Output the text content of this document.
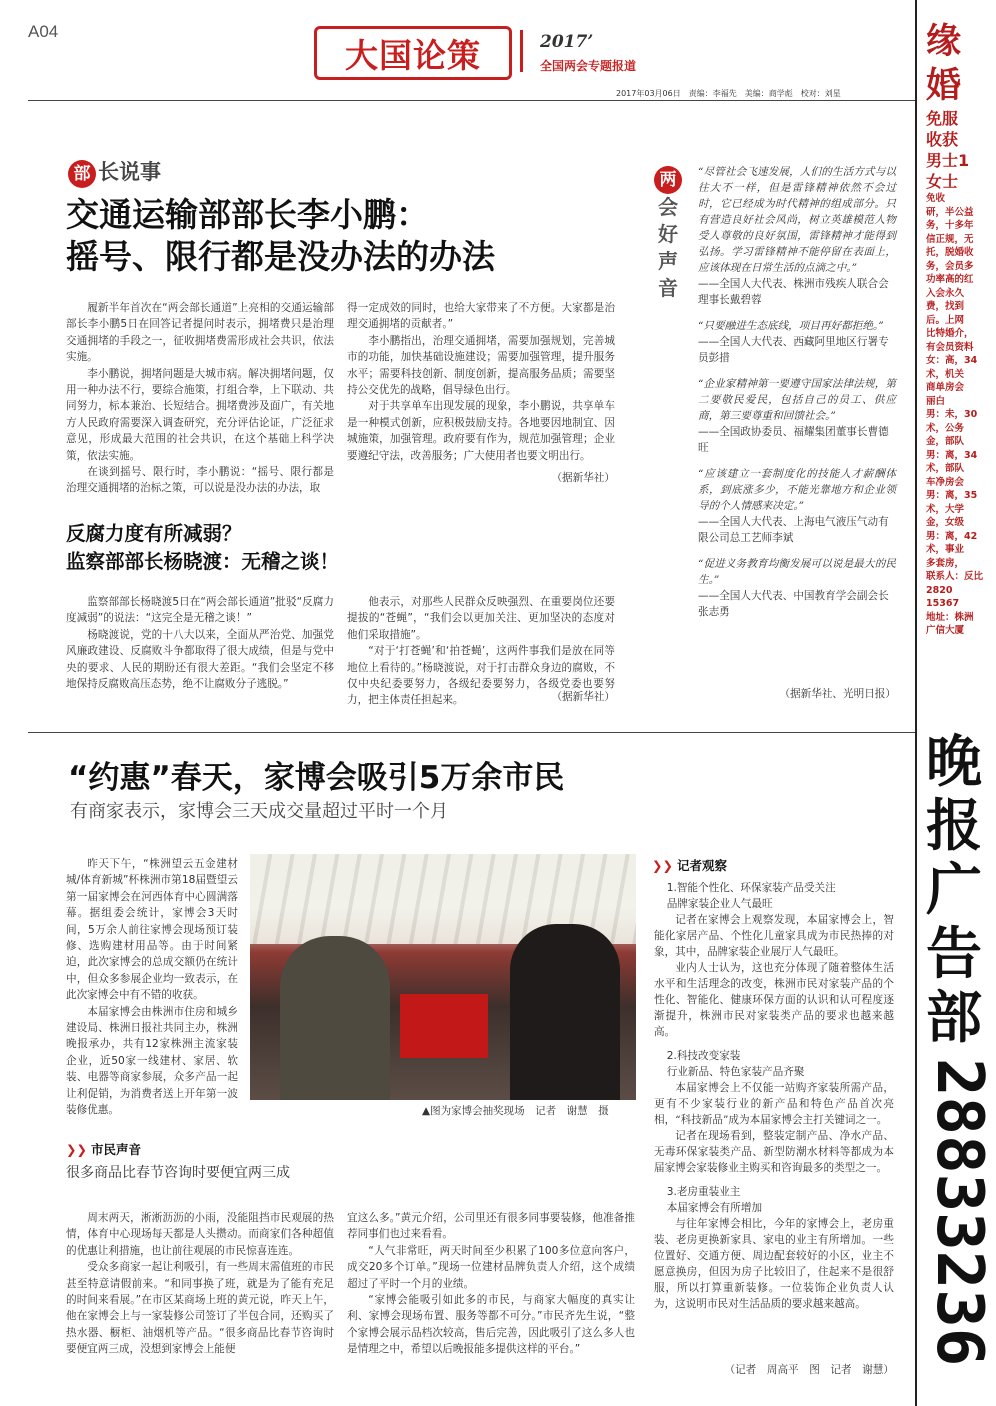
A04
大国论策	2017’
全国两会专题报道
2017年03月06日　责编：李福先　美编：商学彪　校对：刘星
部 长说事
交通运输部部长李小鹏：
摇号、限行都是没办法的办法

履新半年首次在“两会部长通道”上亮相的交通运输部部长李小鹏5日在回答记者提问时表示，拥堵费只是治理交通拥堵的手段之一，征收拥堵费需形成社会共识，依法实施。

李小鹏说，拥堵问题是大城市病。解决拥堵问题，仅用一种办法不行，要综合施策，打组合拳，上下联动、共同努力，标本兼治、长短结合。拥堵费涉及面广，有关地方人民政府需要深入调查研究，充分评估论证，广泛征求意见，形成最大范围的社会共识，在这个基础上科学决策，依法实施。

在谈到摇号、限行时，李小鹏说：“摇号、限行都是治理交通拥堵的治标之策，可以说是没办法的办法，取

得一定成效的同时，也给大家带来了不方便。大家都是治理交通拥堵的贡献者。”

李小鹏指出，治理交通拥堵，需要加强规划，完善城市的功能，加快基础设施建设；需要加强管理，提升服务水平；需要科技创新、制度创新，提高服务品质；需要坚持公交优先的战略，倡导绿色出行。

对于共享单车出现发展的现象，李小鹏说，共享单车是一种模式创新，应积极鼓励支持。各地要因地制宜、因城施策，加强管理。政府要有作为，规范加强管理；企业要遵纪守法，改善服务；广大使用者也要文明出行。

（据新华社）
反腐力度有所减弱？
监察部部长杨晓渡：无稽之谈！

监察部部长杨晓渡5日在“两会部长通道”批驳“反腐力度减弱”的说法：“这完全是无稽之谈！”

杨晓渡说，党的十八大以来，全面从严治党、加强党风廉政建设、反腐败斗争都取得了很大成绩，但是与党中央的要求、人民的期盼还有很大差距。“我们会坚定不移地保持反腐败高压态势，绝不让腐败分子逃脱。”

他表示，对那些人民群众反映强烈、在重要岗位还要提拔的“苍蝇”，“我们会以更加关注、更加坚决的态度对他们采取措施”。

“对于‘打苍蝇’和‘拍苍蝇’，这两件事我们是放在同等地位上看待的。”杨晓渡说，对于打击群众身边的腐败，不仅中央纪委要努力，各级纪委要努力，各级党委也要努力，把主体责任担起来。	（据新华社）
两
会
好
声
音
“尽管社会飞速发展，人们的生活方式与以往大不一样，但是雷锋精神依然不会过时，它已经成为时代精神的组成部分。只有营造良好社会风尚，树立英雄模范人物受人尊敬的良好氛围，雷锋精神才能得到弘扬。学习雷锋精神不能停留在表面上，应该体现在日常生活的点滴之中。”
——全国人大代表、株洲市残疾人联合会理事长戴碧蓉
“只要融进生态底线，项目再好都拒绝。”
——全国人大代表、西藏阿里地区行署专员彭措
“企业家精神第一要遵守国家法律法规，第二要敬民爱民，包括自己的员工、供应商，第三要尊重和回馈社会。”
——全国政协委员、福耀集团董事长曹德旺
“应该建立一套制度化的技能人才薪酬体系，到底涨多少，不能光靠地方和企业领导的个人情感来决定。”
——全国人大代表、上海电气液压气动有限公司总工艺师李斌
“促进义务教育均衡发展可以说是最大的民生。”
——全国人大代表、中国教育学会副会长张志勇
（据新华社、光明日报）
“约惠”春天，家博会吸引5万余市民
有商家表示，家博会三天成交量超过平时一个月

昨天下午，“株洲望云五金建材城/体育新城”杯株洲市第18届暨望云第一届家博会在河西体育中心圆满落幕。据组委会统计，家博会3天时间，5万余人前往家博会现场预订装修、选购建材用品等。由于时间紧迫，此次家博会的总成交额仍在统计中，但众多参展企业均一致表示，在此次家博会中有不错的收获。

本届家博会由株洲市住房和城乡建设局、株洲日报社共同主办，株洲晚报承办，共有12家株洲主流家装企业，近50家一线建材、家居、软装、电器等商家参展，众多产品一起让利促销，为消费者送上开年第一波装修优惠。	▲图为家博会抽奖现场　记者　谢慧　摄
❯❯ 市民声音
很多商品比春节咨询时要便宜两三成

周末两天，淅淅沥沥的小雨，没能阻挡市民观展的热情，体育中心现场每天都是人头攒动。而商家们各种超值的优惠让利措施，也让前往观展的市民惊喜连连。

受众多商家一起让利吸引，有一些周末需值班的市民甚至特意请假前来。“和同事换了班，就是为了能有充足的时间来看展。”在市区某商场上班的黄元说，昨天上午，他在家博会上与一家装修公司签订了半包合同，还购买了热水器、橱柜、油烟机等产品。“很多商品比春节咨询时要便宜两三成，没想到家博会上能便

宜这么多。”黄元介绍，公司里还有很多同事要装修，他准备推荐同事们也过来看看。

“人气非常旺，两天时间至少积累了100多位意向客户，成交20多个订单。”现场一位建材品牌负责人介绍，这个成绩超过了平时一个月的业绩。

“家博会能吸引如此多的市民，与商家大幅度的真实让利、家博会现场布置、服务等都不可分。”市民齐先生说，“整个家博会展示品档次较高，售后完善，因此吸引了这么多人也是情理之中，希望以后晚报能多提供这样的平台。”

❯❯ 记者观察

1.智能个性化、环保家装产品受关注

品牌家装企业人气最旺

记者在家博会上观察发现，本届家博会上，智能化家居产品、个性化儿童家具成为市民热捧的对象，其中，品牌家装企业展厅人气最旺。

业内人士认为，这也充分体现了随着整体生活水平和生活理念的改变，株洲市民对家装产品的个性化、智能化、健康环保方面的认识和认可程度逐渐提升，株洲市民对家装类产品的要求也越来越高。

2.科技改变家装

行业新品、特色家装产品齐聚

本届家博会上不仅能一站购齐家装所需产品，更有不少家装行业的新产品和特色产品首次亮相，“科技新品”成为本届家博会主打关键词之一。

记者在现场看到，整装定制产品、净水产品、无毒环保家装类产品、新型防潮水材料等都成为本届家博会家装修业主购买和咨询最多的类型之一。

3.老房重装业主

本届家博会有所增加

与往年家博会相比，今年的家博会上，老房重装、老房更换新家具、家电的业主有所增加。一些位置好、交通方便、周边配套较好的小区，业主不愿意换房，但因为房子比较旧了，住起来不是很舒服，所以打算重新装修。一位装饰企业负责人认为，这说明市民对生活品质的要求越来越高。

（记者　周高平　图　记者　谢慧）
缘
婚
免服
收获
男士1
女士
免收
研，半公益
务，十多年
信正规，无
托，脱婚收
务，会员多
功率高的红
入会永久
费，找到
后。上网
比特婚介，
有会员资料
女：高，34
术，机关
商单房会
丽白
男：未，30
术，公务
金，部队
男：离，34
术，部队
车净房会
男：离，35
术，大学
金，女级
男：离，42
术，事业
多套房，
联系人：反比
2820
15367
地址：株洲
广信大厦
晚
报
广
告
部
28833236
